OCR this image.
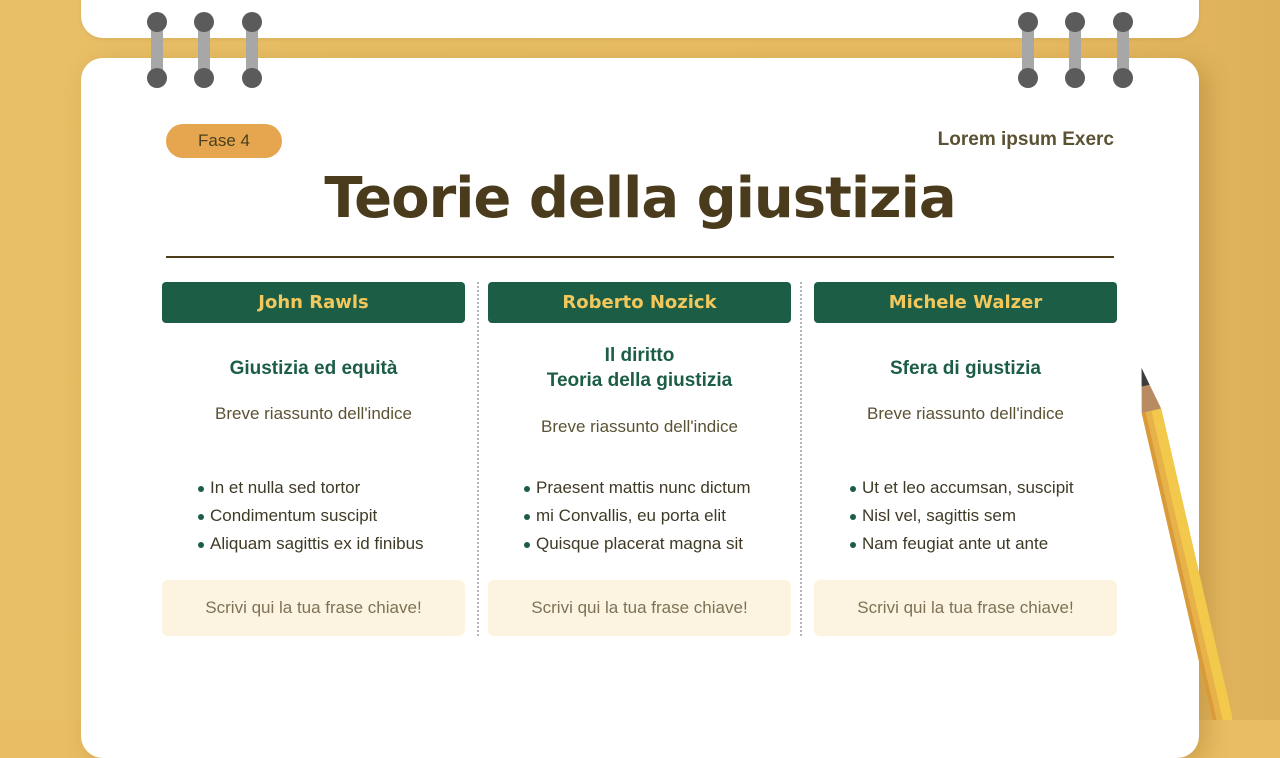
Fase 4	Lorem ipsum Exerc
Teorie della giustizia
John Rawls
Giustizia ed equità
Breve riassunto dell'indice
In et nulla sed tortor
Condimentum suscipit
Aliquam sagittis ex id finibus
Scrivi qui la tua frase chiave!
Roberto Nozick
Il diritto
Teoria della giustizia
Breve riassunto dell'indice
Praesent mattis nunc dictum
mi Convallis, eu porta elit
Quisque placerat magna sit
Scrivi qui la tua frase chiave!
Michele Walzer
Sfera di giustizia
Breve riassunto dell'indice
Ut et leo accumsan, suscipit
Nisl vel, sagittis sem
Nam feugiat ante ut ante
Scrivi qui la tua frase chiave!
